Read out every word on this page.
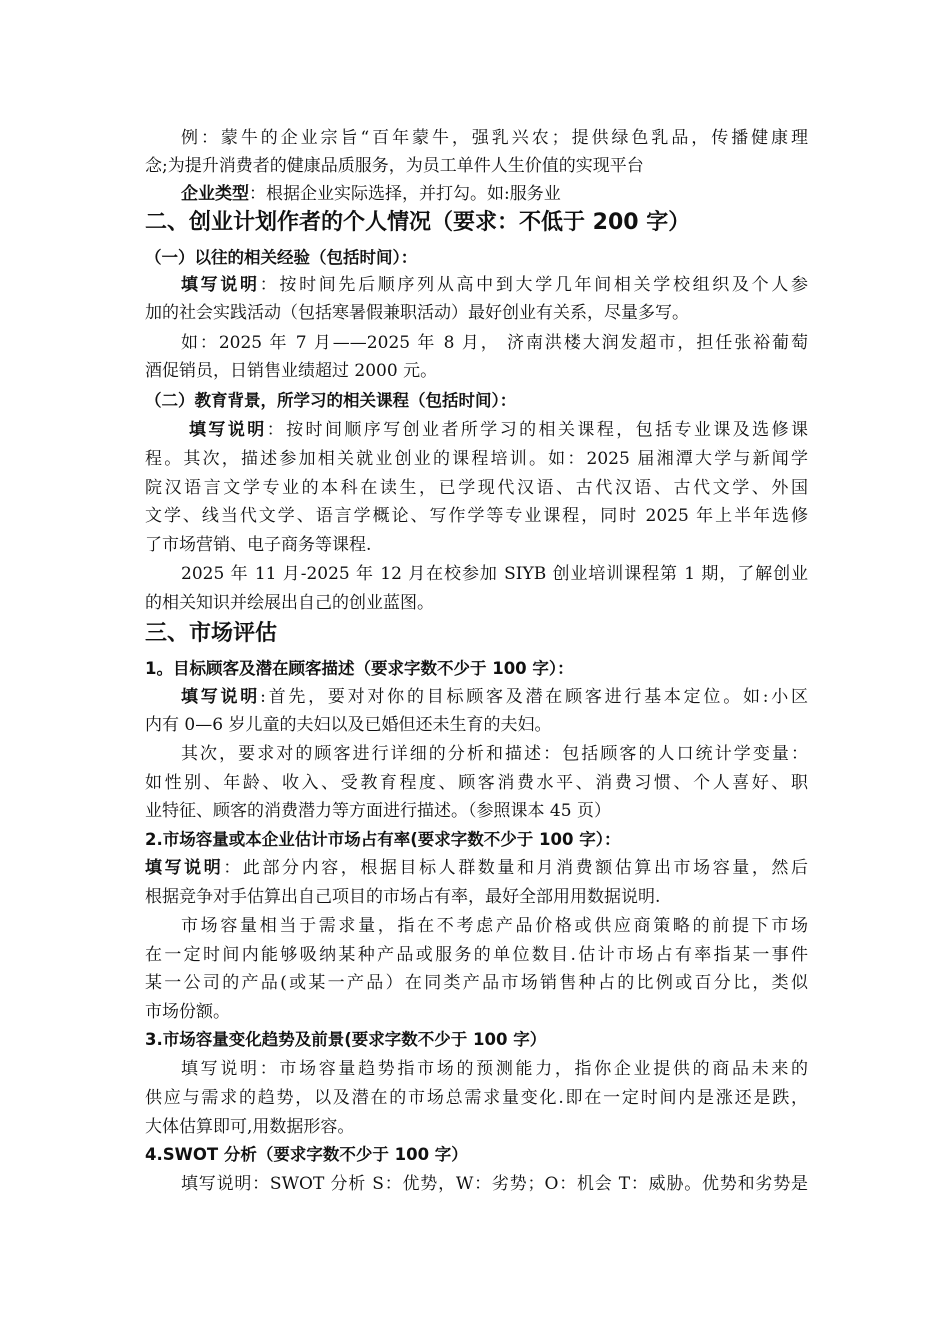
例：蒙牛的企业宗旨“百年蒙牛，强乳兴农；提供绿色乳品，传播健康理
念;为提升消费者的健康品质服务，为员工单件人生价值的实现平台
企业类型：根据企业实际选择，并打勾。如:服务业
二、创业计划作者的个人情况（要求：不低于 200 字）
（一）以往的相关经验（包括时间）：
填写说明：按时间先后顺序列从高中到大学几年间相关学校组织及个人参
加的社会实践活动（包括寒暑假兼职活动）最好创业有关系，尽量多写。
如：2025 年 7 月——2025 年 8 月， 济南洪楼大润发超市，担任张裕葡萄
酒促销员，日销售业绩超过 2000 元。
（二）教育背景，所学习的相关课程（包括时间）：
填写说明：按时间顺序写创业者所学习的相关课程，包括专业课及选修课
程。其次，描述参加相关就业创业的课程培训。如：2025 届湘潭大学与新闻学
院汉语言文学专业的本科在读生，已学现代汉语、古代汉语、古代文学、外国
文学、线当代文学、语言学概论、写作学等专业课程，同时 2025 年上半年选修
了市场营销、电子商务等课程.
2025 年 11 月-2025 年 12 月在校参加 SIYB 创业培训课程第 1 期，了解创业
的相关知识并绘展出自己的创业蓝图。
三、市场评估
1。目标顾客及潜在顾客描述（要求字数不少于 100 字）：
填写说明:首先，要对对你的目标顾客及潜在顾客进行基本定位。如:小区
内有 0—6 岁儿童的夫妇以及已婚但还未生育的夫妇。
其次，要求对的顾客进行详细的分析和描述：包括顾客的人口统计学变量：
如性别、年龄、收入、受教育程度、顾客消费水平、消费习惯、个人喜好、职
业特征、顾客的消费潜力等方面进行描述。（参照课本 45 页）
2.市场容量或本企业估计市场占有率(要求字数不少于 100 字）：
填写说明：此部分内容，根据目标人群数量和月消费额估算出市场容量，然后
根据竞争对手估算出自己项目的市场占有率，最好全部用用数据说明.
市场容量相当于需求量，指在不考虑产品价格或供应商策略的前提下市场
在一定时间内能够吸纳某种产品或服务的单位数目.估计市场占有率指某一事件
某一公司的产品(或某一产品）在同类产品市场销售种占的比例或百分比，类似
市场份额。
3.市场容量变化趋势及前景(要求字数不少于 100 字）
填写说明：市场容量趋势指市场的预测能力，指你企业提供的商品未来的
供应与需求的趋势，以及潜在的市场总需求量变化.即在一定时间内是涨还是跌，
大体估算即可,用数据形容。
4.SWOT 分析（要求字数不少于 100 字）
填写说明：SWOT 分析 S：优势，W：劣势；O：机会 T：威胁。优势和劣势是
